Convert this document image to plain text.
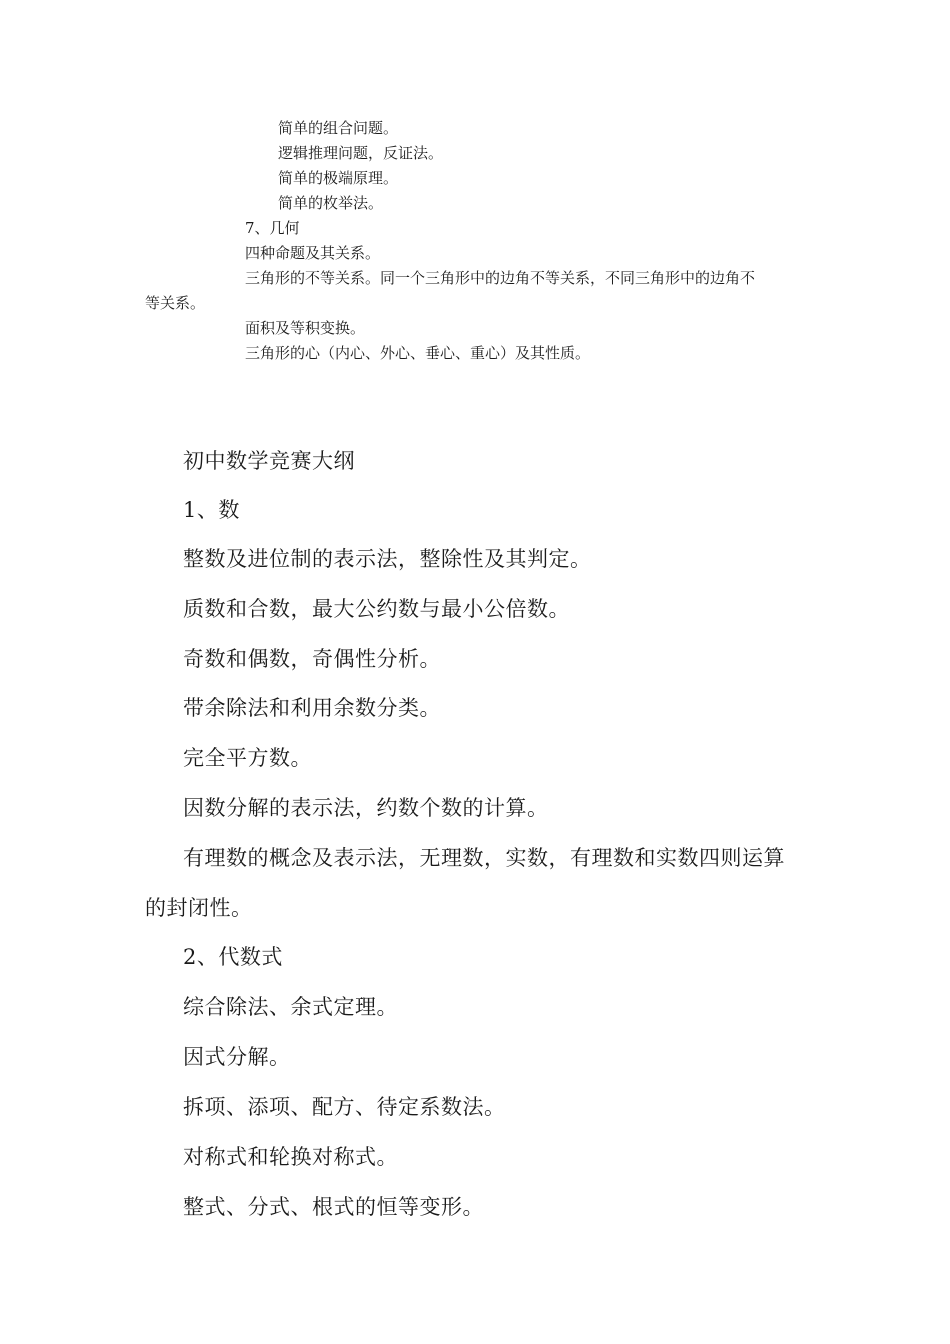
简单的组合问题。
逻辑推理问题，反证法。
简单的极端原理。
简单的枚举法。
7、几何
四种命题及其关系。
三角形的不等关系。同一个三角形中的边角不等关系，不同三角形中的边角不
等关系。
面积及等积变换。
三角形的心（内心、外心、垂心、重心）及其性质。
初中数学竞赛大纲
1、数
整数及进位制的表示法，整除性及其判定。
质数和合数，最大公约数与最小公倍数。
奇数和偶数，奇偶性分析。
带余除法和利用余数分类。
完全平方数。
因数分解的表示法，约数个数的计算。
有理数的概念及表示法，无理数，实数，有理数和实数四则运算
的封闭性。
2、代数式
综合除法、余式定理。
因式分解。
拆项、添项、配方、待定系数法。
对称式和轮换对称式。
整式、分式、根式的恒等变形。
